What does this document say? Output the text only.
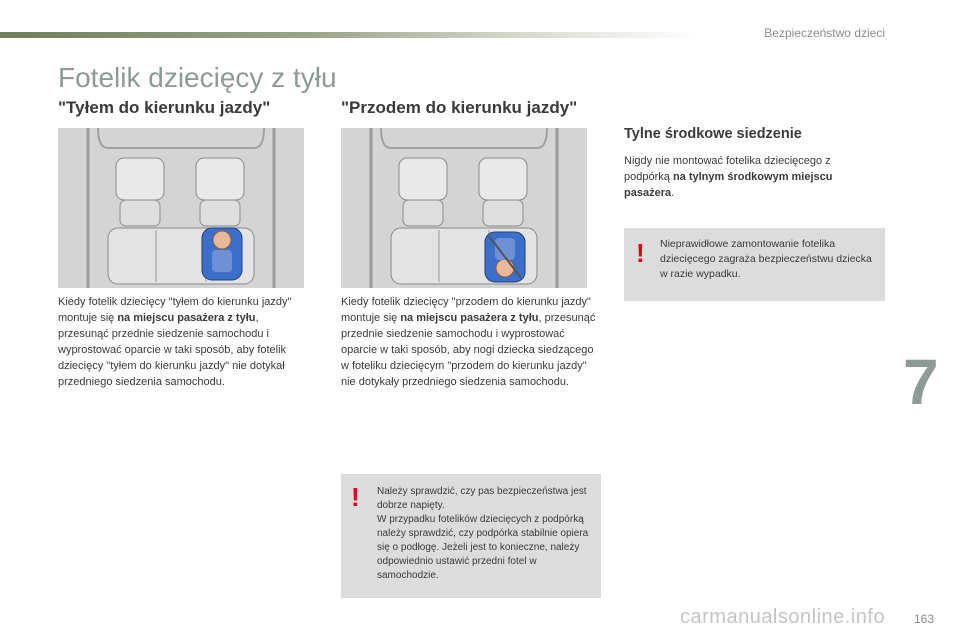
Bezpieczeństwo dzieci
Fotelik dziecięcy z tyłu
"Tyłem do kierunku jazdy"	"Przodem do kierunku jazdy"
Tylne środkowe siedzenie
Kiedy fotelik dziecięcy "tyłem do kierunku jazdy" montuje się na miejscu pasażera z tyłu, przesunąć przednie siedzenie samochodu i wyprostować oparcie w taki sposób, aby fotelik dziecięcy "tyłem do kierunku jazdy" nie dotykał przedniego siedzenia samochodu.
Kiedy fotelik dziecięcy "przodem do kierunku jazdy" montuje się na miejscu pasażera z tyłu, przesunąć przednie siedzenie samochodu i wyprostować oparcie w taki sposób, aby nogi dziecka siedzącego w foteliku dziecięcym "przodem do kierunku jazdy" nie dotykały przedniego siedzenia samochodu.
Nigdy nie montować fotelika dziecięcego z podpórką na tylnym środkowym miejscu pasażera.
! Nieprawidłowe zamontowanie fotelika dziecięcego zagraża bezpieczeństwu dziecka w razie wypadku.
! Należy sprawdzić, czy pas bezpieczeństwa jest dobrze napięty.
W przypadku fotelików dziecięcych z podpórką należy sprawdzić, czy podpórka stabilnie opiera się o podłogę. Jeżeli jest to konieczne, należy odpowiednio ustawić przedni fotel w samochodzie.
7
carmanualsonline.info 163
